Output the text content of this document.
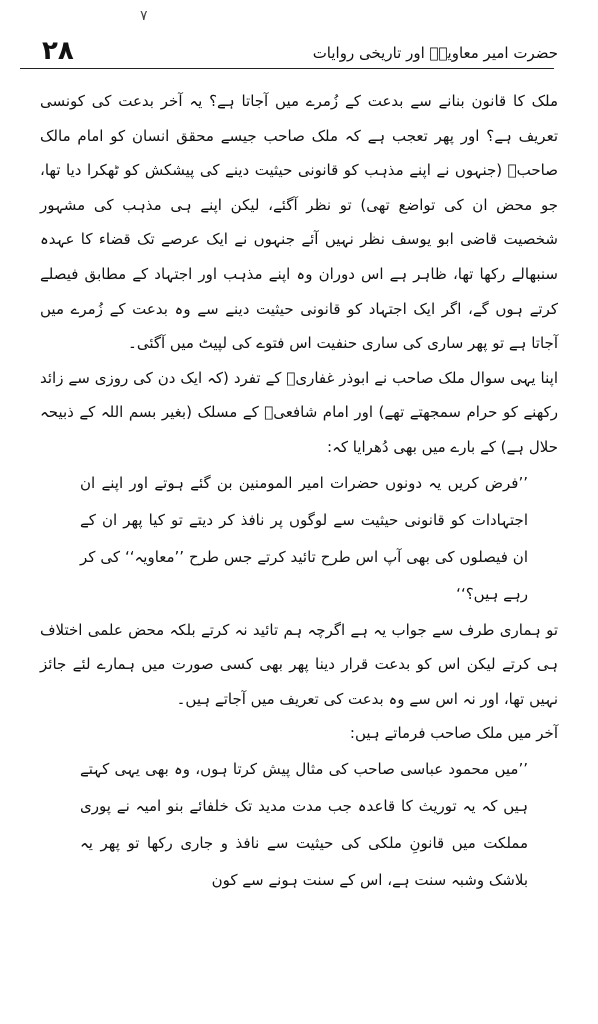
٧
۲۸	حضرت امیر معاویہؓ اور تاریخی روایات

ملک کا قانون بنانے سے بدعت کے زُمرے میں آجاتا ہے؟ یہ آخر بدعت کی کونسی تعریف ہے؟ اور پھر تعجب ہے کہ ملک صاحب جیسے محقق انسان کو امام مالک صاحبؒ (جنہوں نے اپنے مذہب کو قانونی حیثیت دینے کی پیشکش کو ٹھکرا دیا تھا، جو محض ان کی تواضع تھی) تو نظر آگئے، لیکن اپنے ہی مذہب کی مشہور شخصیت قاضی ابو یوسف نظر نہیں آئے جنہوں نے ایک عرصے تک قضاء کا عہدہ سنبھالے رکھا تھا، ظاہر ہے اس دوران وہ اپنے مذہب اور اجتہاد کے مطابق فیصلے کرتے ہوں گے، اگر ایک اجتہاد کو قانونی حیثیت دینے سے وہ بدعت کے زُمرے میں آجاتا ہے تو پھر ساری کی ساری حنفیت اس فتوے کی لپیٹ میں آگئی۔

اپنا یہی سوال ملک صاحب نے ابوذر غفاریؓ کے تفرد (کہ ایک دن کی روزی سے زائد رکھنے کو حرام سمجھتے تھے) اور امام شافعیؒ کے مسلک (بغیر بسم اللہ کے ذبیحہ حلال ہے) کے بارے میں بھی دُھرایا کہ:

’’فرض کریں یہ دونوں حضرات امیر المومنین بن گئے ہوتے اور اپنے ان اجتہادات کو قانونی حیثیت سے لوگوں پر نافذ کر دیتے تو کیا پھر ان کے ان فیصلوں کی بھی آپ اس طرح تائید کرتے جس طرح ’’معاویہ‘‘ کی کر رہے ہیں؟‘‘

تو ہماری طرف سے جواب یہ ہے اگرچہ ہم تائید نہ کرتے بلکہ محض علمی اختلاف ہی کرتے لیکن اس کو بدعت قرار دینا پھر بھی کسی صورت میں ہمارے لئے جائز نہیں تھا، اور نہ اس سے وہ بدعت کی تعریف میں آجاتے ہیں۔

آخر میں ملک صاحب فرماتے ہیں:

’’میں محمود عباسی صاحب کی مثال پیش کرتا ہوں، وہ بھی یہی کہتے ہیں کہ یہ توریث کا قاعدہ جب مدت مدید تک خلفائے بنو امیہ نے پوری مملکت میں قانونِ ملکی کی حیثیت سے نافذ و جاری رکھا تو پھر یہ بلاشک وشبہ سنت ہے، اس کے سنت ہونے سے کون
